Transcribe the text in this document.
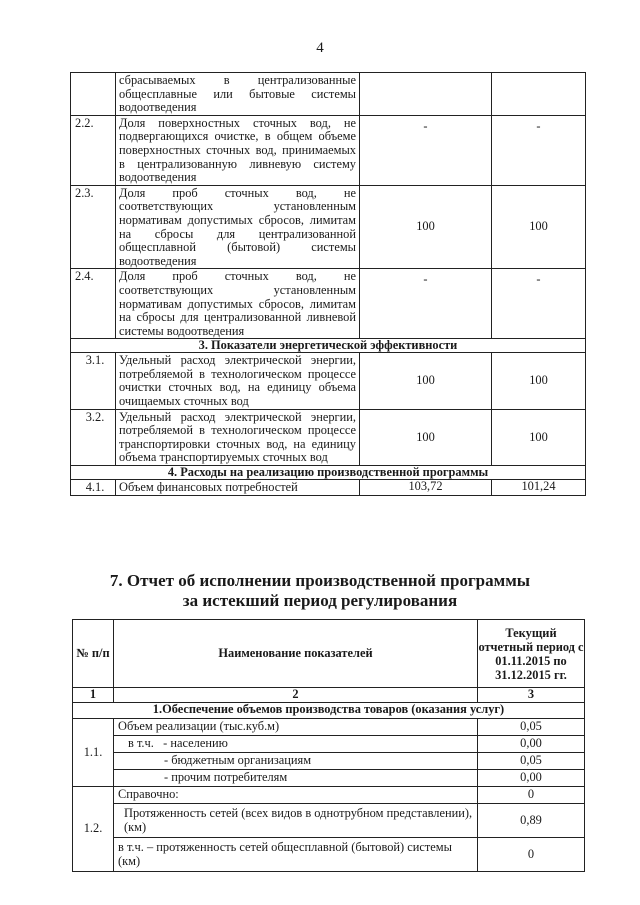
4
	сбрасываемых в централизованные общесплавные или бытовые системы водоотведения		
2.2.	Доля поверхностных сточных вод, не подвергающихся очистке, в общем объеме поверхностных сточных вод, принимаемых в централизованную ливневую систему водоотведения	-	-
2.3.	Доля проб сточных вод, не соответствующих установленным нормативам допустимых сбросов, лимитам на сбросы для централизованной общесплавной (бытовой) системы водоотведения	100	100
2.4.	Доля проб сточных вод, не соответствующих установленным нормативам допустимых сбросов, лимитам на сбросы для централизованной ливневой системы водоотведения	-	-
3. Показатели энергетической эффективности			
3.1.	Удельный расход электрической энергии, потребляемой в технологическом процессе очистки сточных вод, на единицу объема очищаемых сточных вод	100	100
3.2.	Удельный расход электрической энергии, потребляемой в технологическом процессе транспортировки сточных вод, на единицу объема транспортируемых сточных вод	100	100
4. Расходы на реализацию производственной программы			
4.1.	Объем финансовых потребностей	103,72	101,24
7. Отчет об исполнении производственной программы
за истекший период регулирования
№ п/п	Наименование показателей	Текущий отчетный период с 01.11.2015 по 31.12.2015 гг.
1	2	3
1.Обеспечение объемов производства товаров (оказания услуг)		
1.1.	Объем реализации (тыс.куб.м)	0,05
	в т.ч.   - населению	0,00
	- бюджетным организациям	0,05
	- прочим потребителям	0,00
1.2.	Справочно:	0
	Протяженность сетей (всех видов в однотрубном представлении), (км)	0,89
	в т.ч. – протяженность сетей общесплавной (бытовой) системы (км)	0
